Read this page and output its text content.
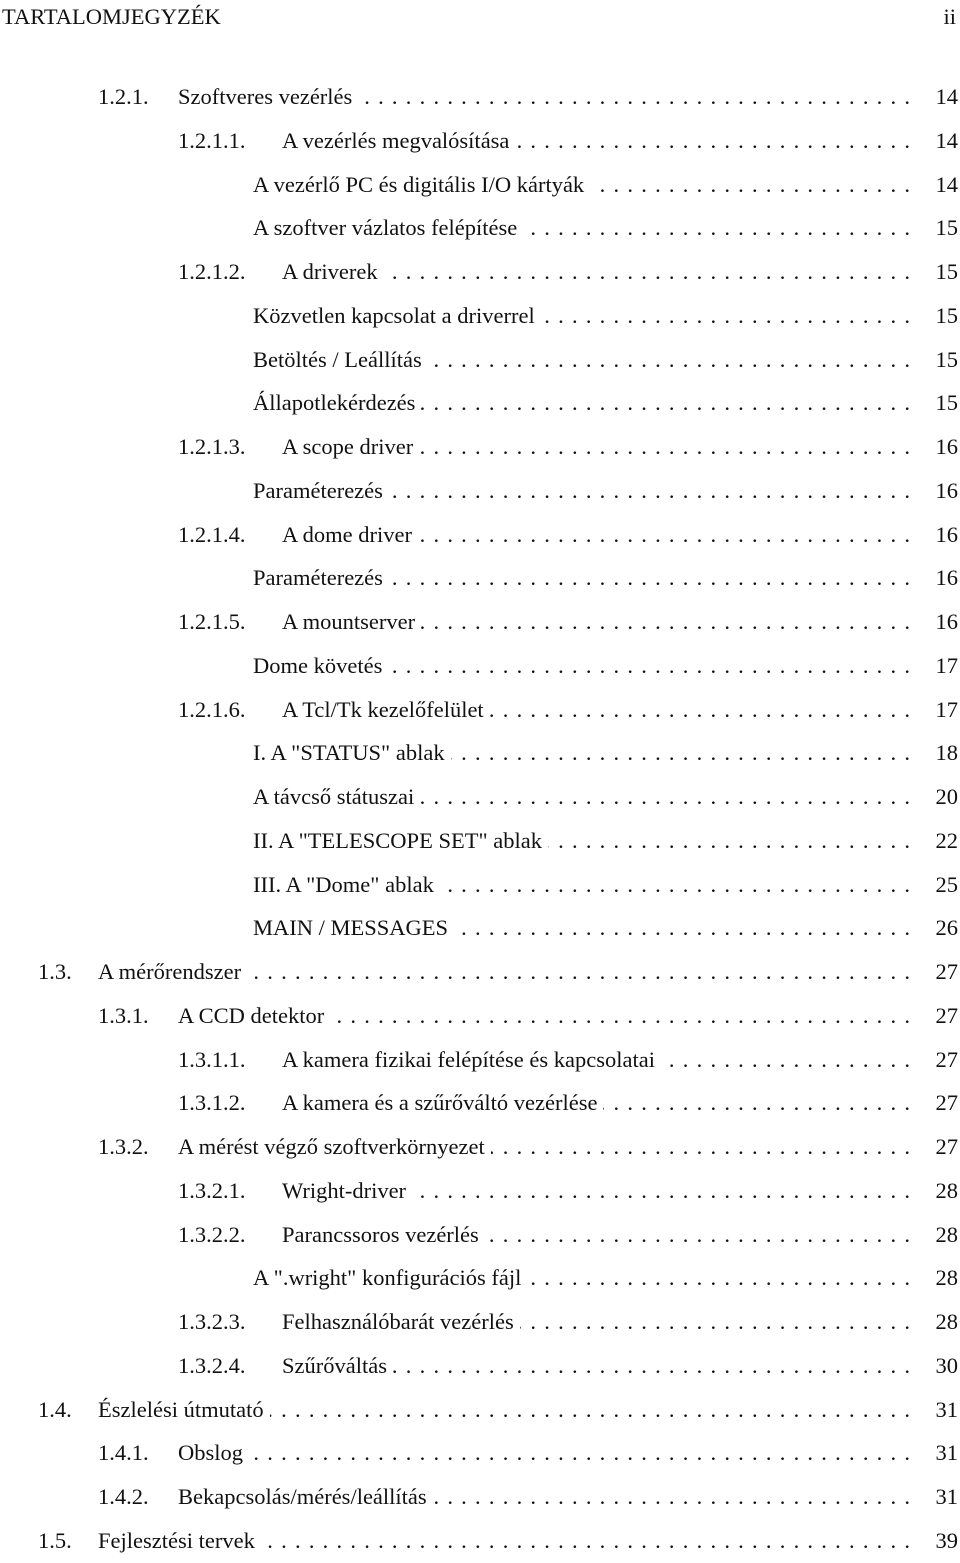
TARTALOMJEGYZÉK	ii
1.2.1. Szoftveres vezérlés . . .	14
1.2.1.1. A vezérlés megvalósítása . . .	14
A vezérlő PC és digitális I/O kártyák . . .	14
A szoftver vázlatos felépítése . . .	15
1.2.1.2. A driverek . . .	15
Közvetlen kapcsolat a driverrel . . .	15
Betöltés / Leállítás . . .	15
Állapotlekérdezés . . .	15
1.2.1.3. A scope driver . . .	16
Paraméterezés . . .	16
1.2.1.4. A dome driver . . .	16
Paraméterezés . . .	16
1.2.1.5. A mountserver . . .	16
Dome követés . . .	17
1.2.1.6. A Tcl/Tk kezelőfelület . . .	17
I. A "STATUS" ablak . . .	18
A távcső státuszai . . .	20
II. A "TELESCOPE SET" ablak . . .	22
III. A "Dome" ablak . . .	25
MAIN / MESSAGES . . .	26
1.3. A mérőrendszer . . .	27
1.3.1. A CCD detektor . . .	27
1.3.1.1. A kamera fizikai felépítése és kapcsolatai . . .	27
1.3.1.2. A kamera és a szűrőváltó vezérlése . . .	27
1.3.2. A mérést végző szoftverkörnyezet . . .	27
1.3.2.1. Wright-driver . . .	28
1.3.2.2. Parancssoros vezérlés . . .	28
A ".wright" konfigurációs fájl . . .	28
1.3.2.3. Felhasználóbarát vezérlés . . .	28
1.3.2.4. Szűrőváltás . . .	30
1.4. Észlelési útmutató . . .	31
1.4.1. Obslog . . .	31
1.4.2. Bekapcsolás/mérés/leállítás . . .	31
1.5. Fejlesztési tervek . . .	39
